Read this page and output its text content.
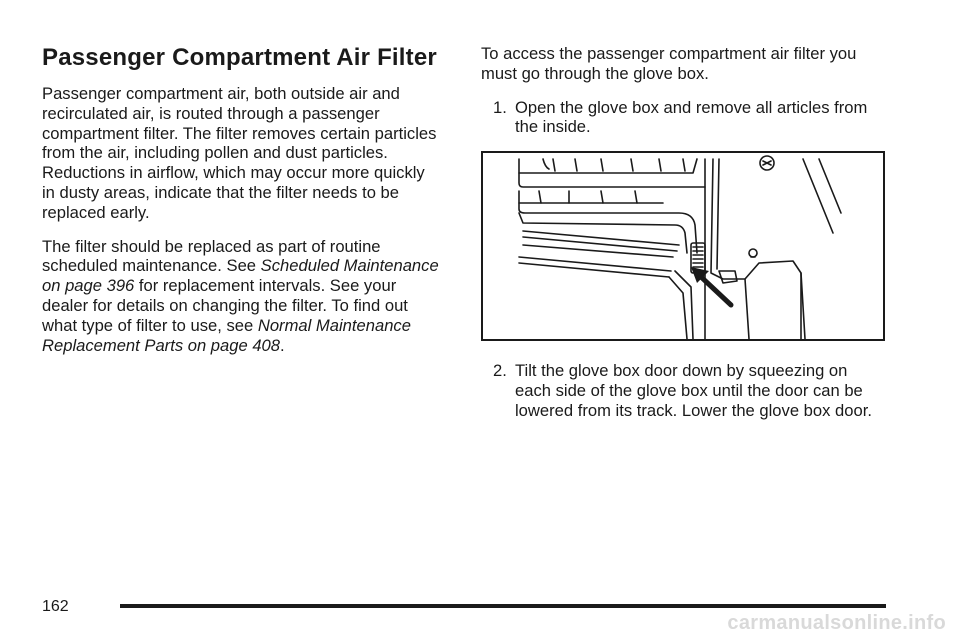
Passenger Compartment Air Filter

Passenger compartment air, both outside air and recirculated air, is routed through a passenger compartment filter. The filter removes certain particles from the air, including pollen and dust particles. Reductions in airflow, which may occur more quickly in dusty areas, indicate that the filter needs to be replaced early.

The filter should be replaced as part of routine scheduled maintenance. See Scheduled Maintenance on page 396 for replacement intervals. See your dealer for details on changing the filter. To find out what type of filter to use, see Normal Maintenance Replacement Parts on page 408.

To access the passenger compartment air filter you must go through the glove box.

1. Open the glove box and remove all articles from the inside.
2. Tilt the glove box door down by squeezing on each side of the glove box until the door can be lowered from its track. Lower the glove box door.
162
carmanualsonline.info
